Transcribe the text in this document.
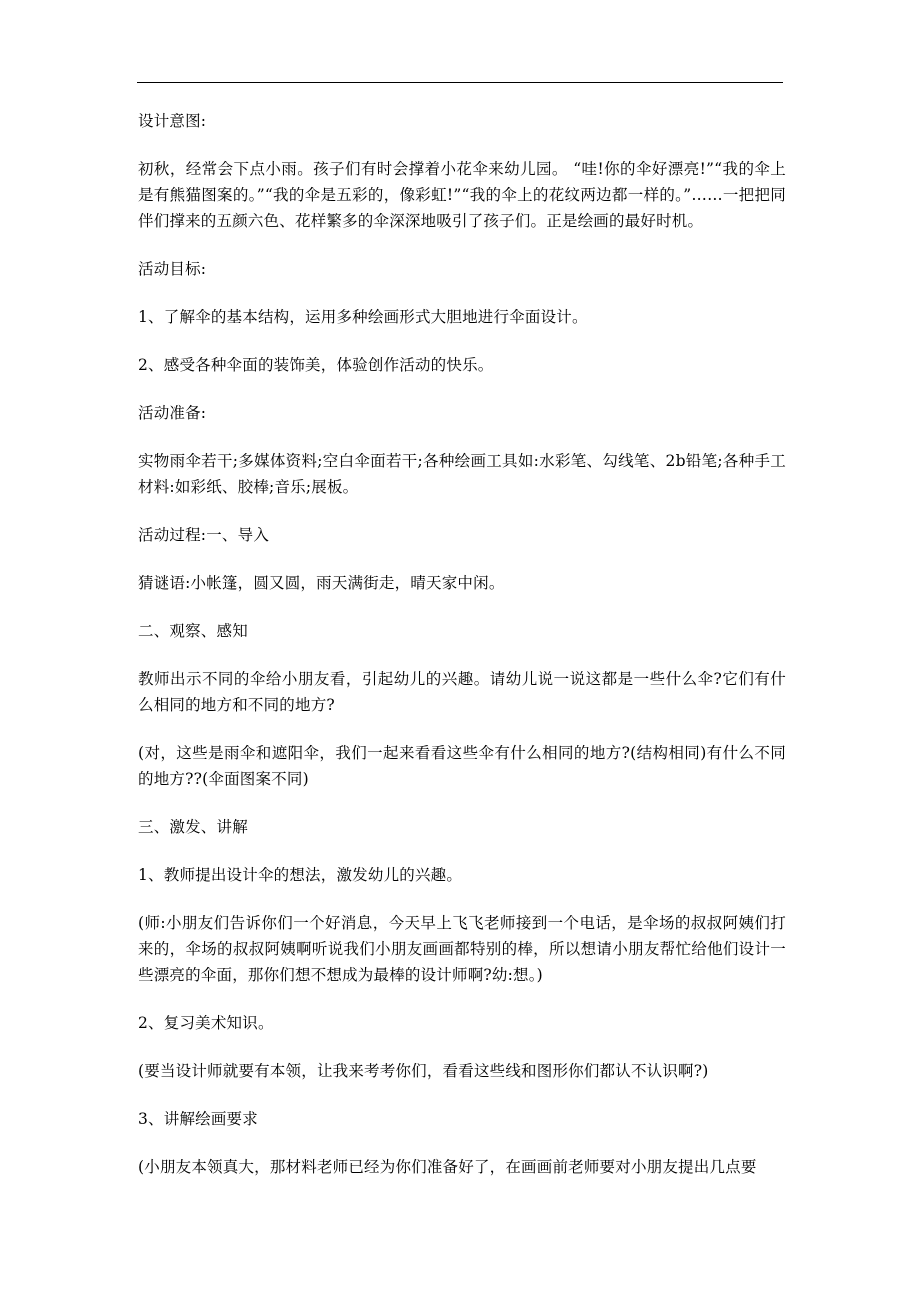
设计意图:

初秋，经常会下点小雨。孩子们有时会撑着小花伞来幼儿园。 “哇!你的伞好漂亮!”“我的伞上是有熊猫图案的。”“我的伞是五彩的，像彩虹!”“我的伞上的花纹两边都一样的。”……一把把同伴们撑来的五颜六色、花样繁多的伞深深地吸引了孩子们。正是绘画的最好时机。

活动目标:

1、了解伞的基本结构，运用多种绘画形式大胆地进行伞面设计。

2、感受各种伞面的装饰美，体验创作活动的快乐。

活动准备:

实物雨伞若干;多媒体资料;空白伞面若干;各种绘画工具如:水彩笔、勾线笔、2b铅笔;各种手工材料:如彩纸、胶棒;音乐;展板。

活动过程:一、导入

猜谜语:小帐篷，圆又圆，雨天满街走，晴天家中闲。

二、观察、感知

教师出示不同的伞给小朋友看，引起幼儿的兴趣。请幼儿说一说这都是一些什么伞?它们有什么相同的地方和不同的地方?

(对，这些是雨伞和遮阳伞，我们一起来看看这些伞有什么相同的地方?(结构相同)有什么不同的地方??(伞面图案不同)

三、激发、讲解

1、教师提出设计伞的想法，激发幼儿的兴趣。

(师:小朋友们告诉你们一个好消息，今天早上飞飞老师接到一个电话，是伞场的叔叔阿姨们打来的，伞场的叔叔阿姨啊听说我们小朋友画画都特别的棒，所以想请小朋友帮忙给他们设计一些漂亮的伞面，那你们想不想成为最棒的设计师啊?幼:想。)

2、复习美术知识。

(要当设计师就要有本领，让我来考考你们，看看这些线和图形你们都认不认识啊?)

3、讲解绘画要求

(小朋友本领真大，那材料老师已经为你们准备好了，在画画前老师要对小朋友提出几点要
